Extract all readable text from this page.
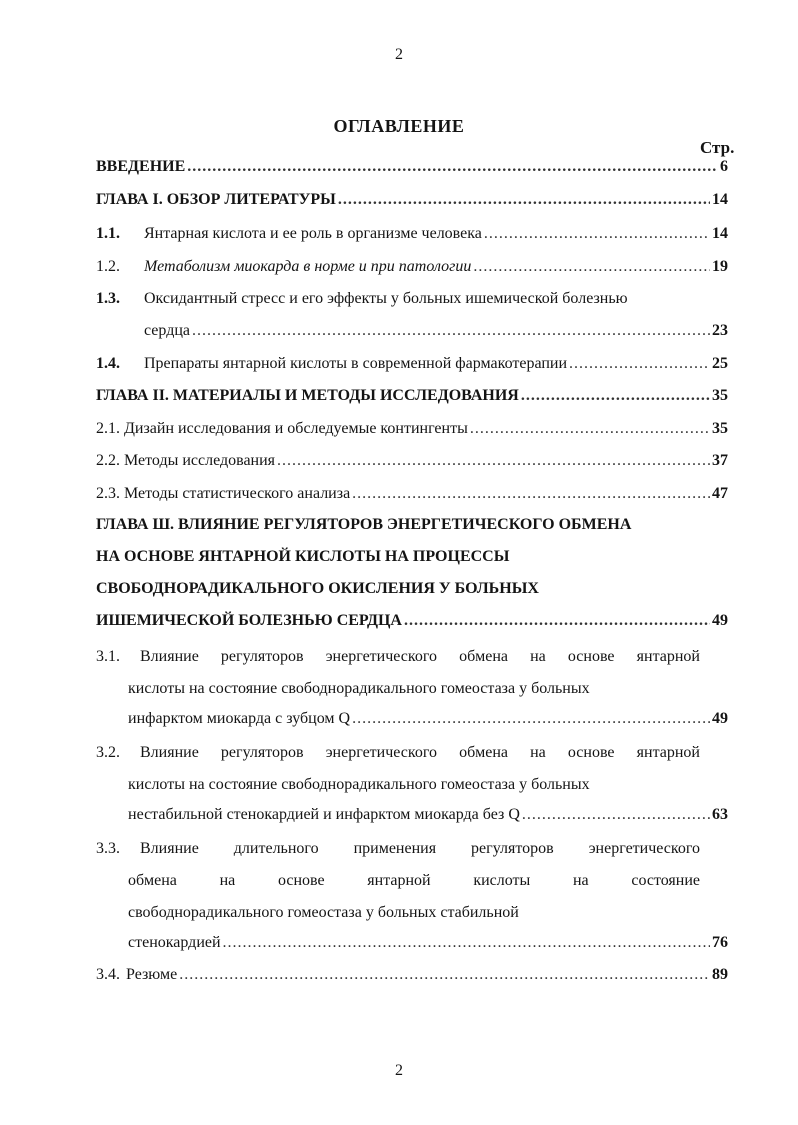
2
ОГЛАВЛЕНИЕ
Стр.
ВВЕДЕНИЕ .....	6
ГЛАВА I. ОБЗОР ЛИТЕРАТУРЫ .....	14
1.1.	Янтарная кислота и ее роль в организме человека .....	14
1.2.	Метаболизм миокарда в норме и при патологии .....	19
1.3.	Оксидантный стресс и его эффекты у больных ишемической болезнью
сердца .....	23
1.4.	Препараты янтарной кислоты в современной фармакотерапии .....	25
ГЛАВА II. МАТЕРИАЛЫ И МЕТОДЫ ИССЛЕДОВАНИЯ .....	35
2.1. Дизайн исследования и обследуемые контингенты .....	35
2.2. Методы исследования .....	37
2.3. Методы статистического анализа .....	47
ГЛАВА Ш. ВЛИЯНИЕ РЕГУЛЯТОРОВ ЭНЕРГЕТИЧЕСКОГО ОБМЕНА
НА ОСНОВЕ ЯНТАРНОЙ КИСЛОТЫ НА ПРОЦЕССЫ
СВОБОДНОРАДИКАЛЬНОГО ОКИСЛЕНИЯ У БОЛЬНЫХ
ИШЕМИЧЕСКОЙ БОЛЕЗНЬЮ СЕРДЦА .....	49
3.1. Влияние регуляторов энергетического обмена на основе янтарной
кислоты на состояние свободнорадикального гомеостаза у больных
инфарктом миокарда с зубцом Q .....	49
3.2. Влияние регуляторов энергетического обмена на основе янтарной
кислоты на состояние свободнорадикального гомеостаза у больных
нестабильной стенокардией и инфарктом миокарда без Q .....	63
3.3. Влияние длительного применения регуляторов энергетического
обмена на основе янтарной кислоты на состояние
свободнорадикального гомеостаза у больных стабильной
стенокардией .....	76
3.4. Резюме .....	89
2
